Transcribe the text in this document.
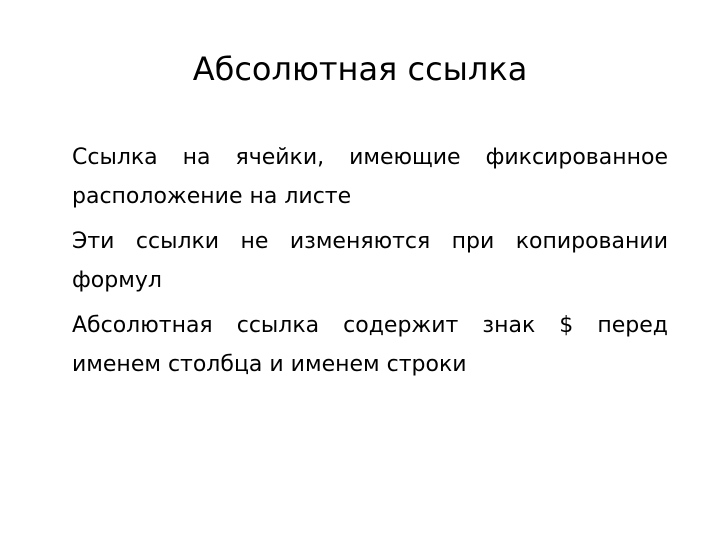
Абсолютная ссылка
Ссылка на ячейки, имеющие фиксированное расположение на листе
Эти ссылки не изменяются при копировании формул
Абсолютная ссылка содержит знак $ перед именем столбца и именем строки
